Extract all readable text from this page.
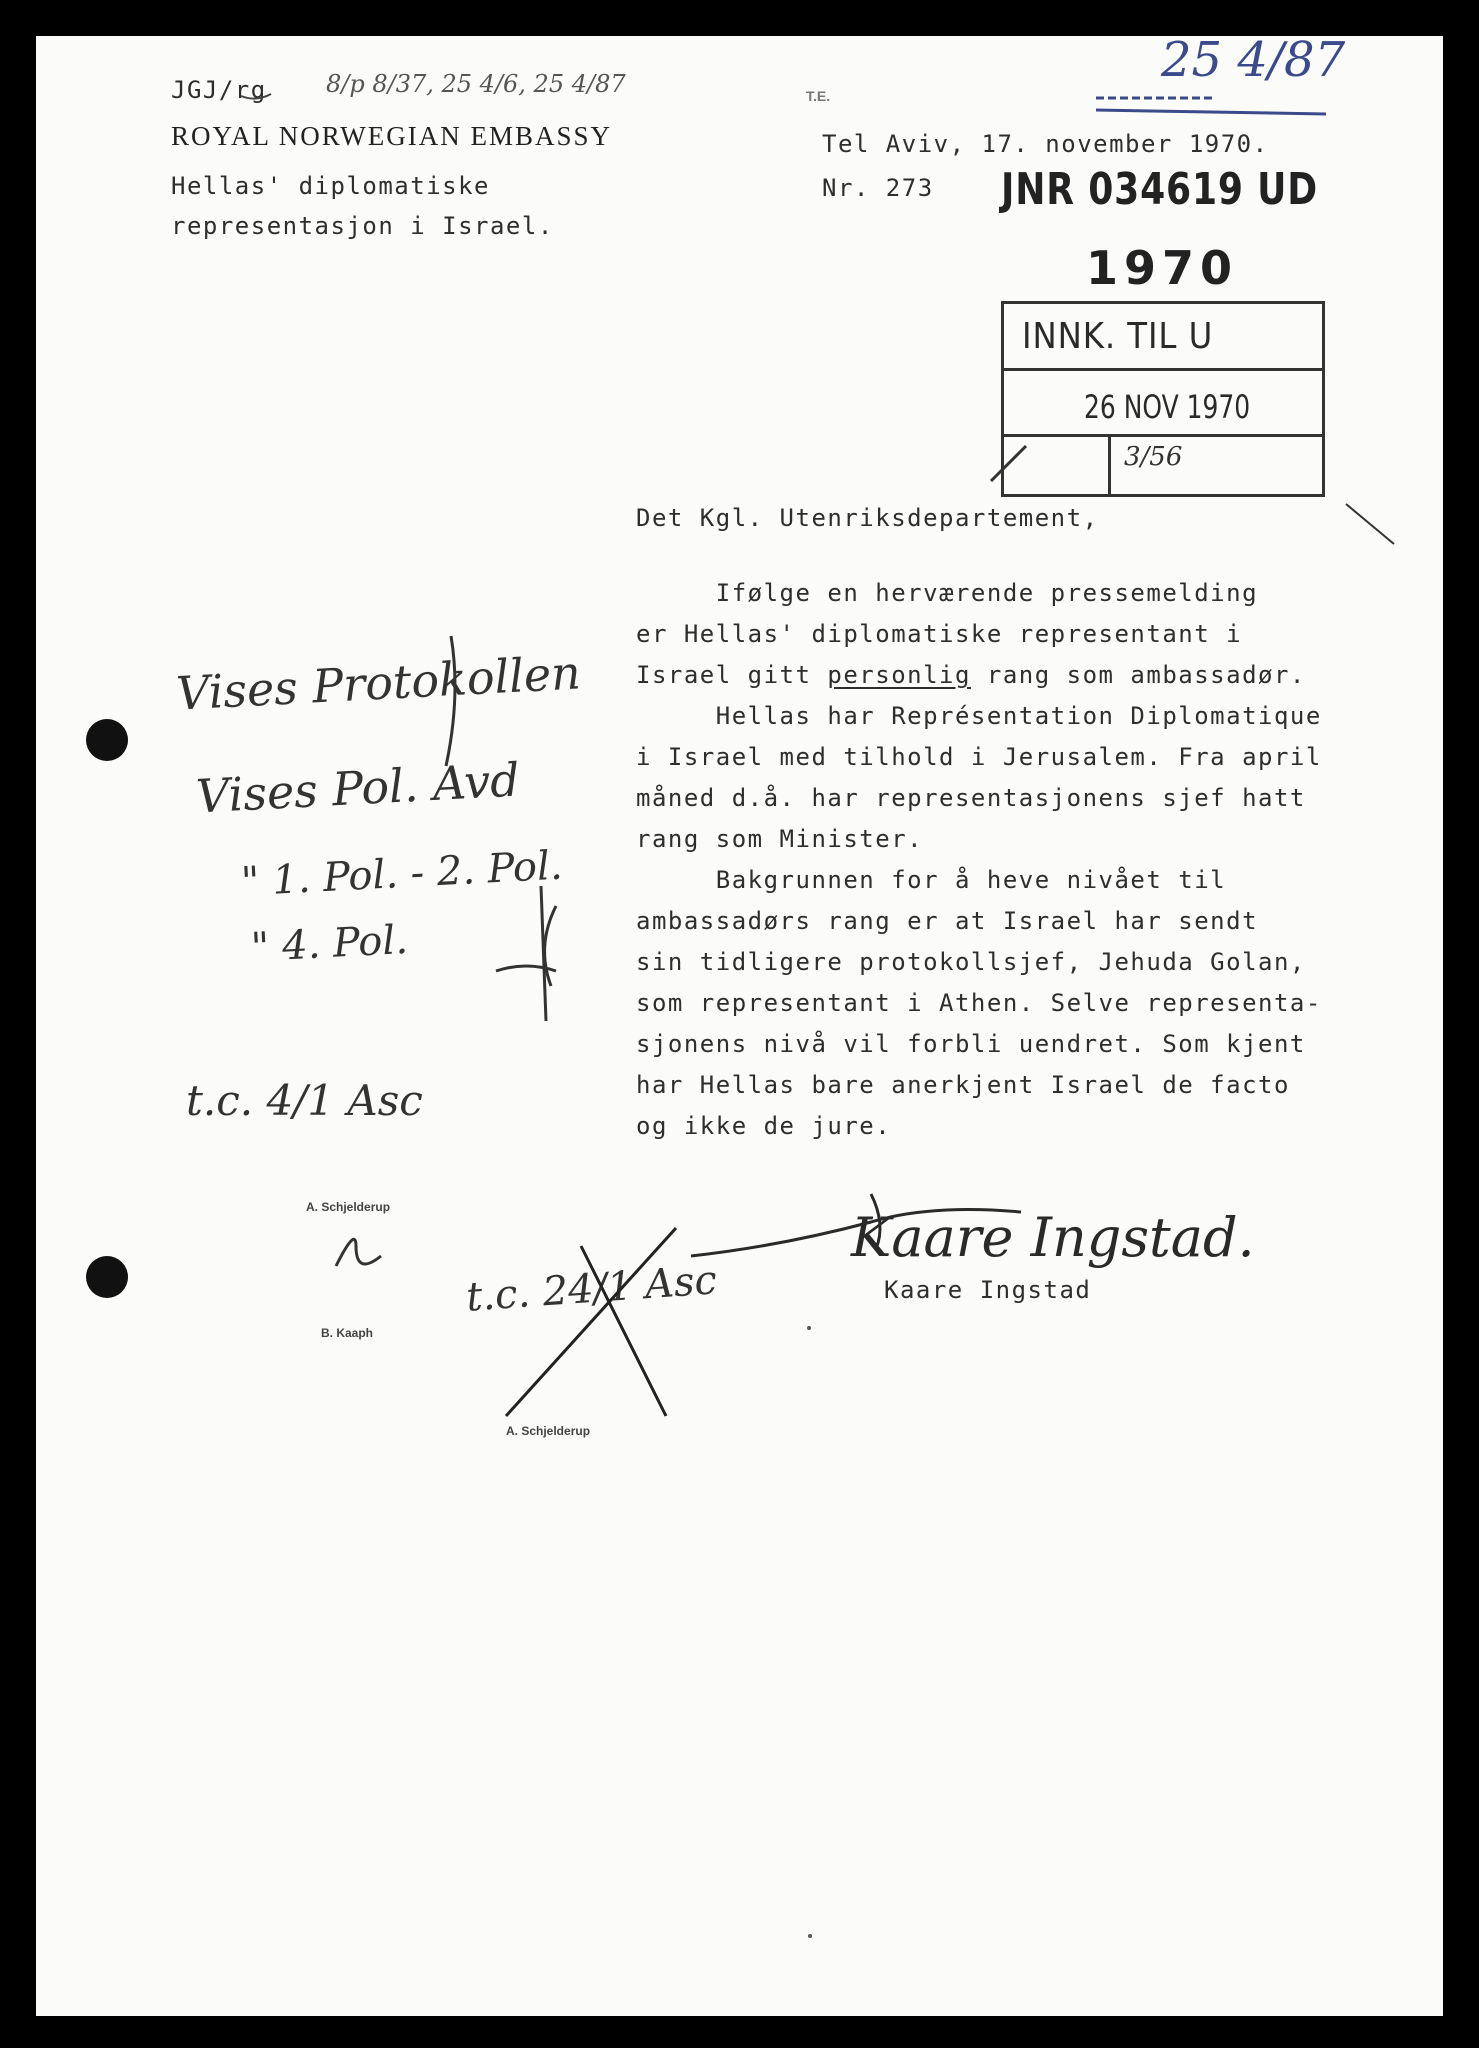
JGJ/rg 8/p 8/37, 25 4/6, 25 4/87
ROYAL NORWEGIAN EMBASSY
Hellas' diplomatiske
representasjon i Israel.
T.E.
Tel Aviv, 17. november 1970.
Nr. 273
25 4/87
JNR 034619 UD
1970
INNK. TIL U
26 NOV 1970
3/56
Det Kgl. Utenriksdepartement,
Ifølge en herværende pressemelding
er Hellas' diplomatiske representant i
Israel gitt personlig rang som ambassadør.
Hellas har Représentation Diplomatique
i Israel med tilhold i Jerusalem. Fra april
måned d.å. har representasjonens sjef hatt
rang som Minister.
Bakgrunnen for å heve nivået til
ambassadørs rang er at Israel har sendt
sin tidligere protokollsjef, Jehuda Golan,
som representant i Athen. Selve representa-
sjonens nivå vil forbli uendret. Som kjent
har Hellas bare anerkjent Israel de facto
og ikke de jure.
Kaare Ingstad.
Kaare Ingstad
Vises Protokollen
Vises Pol. Avd
" 1. Pol. - 2. Pol.
" 4. Pol.
t.c. 4/1 Asc
t.c. 24/1 Asc
A. Schjelderup
B. Kaaph
A. Schjelderup
